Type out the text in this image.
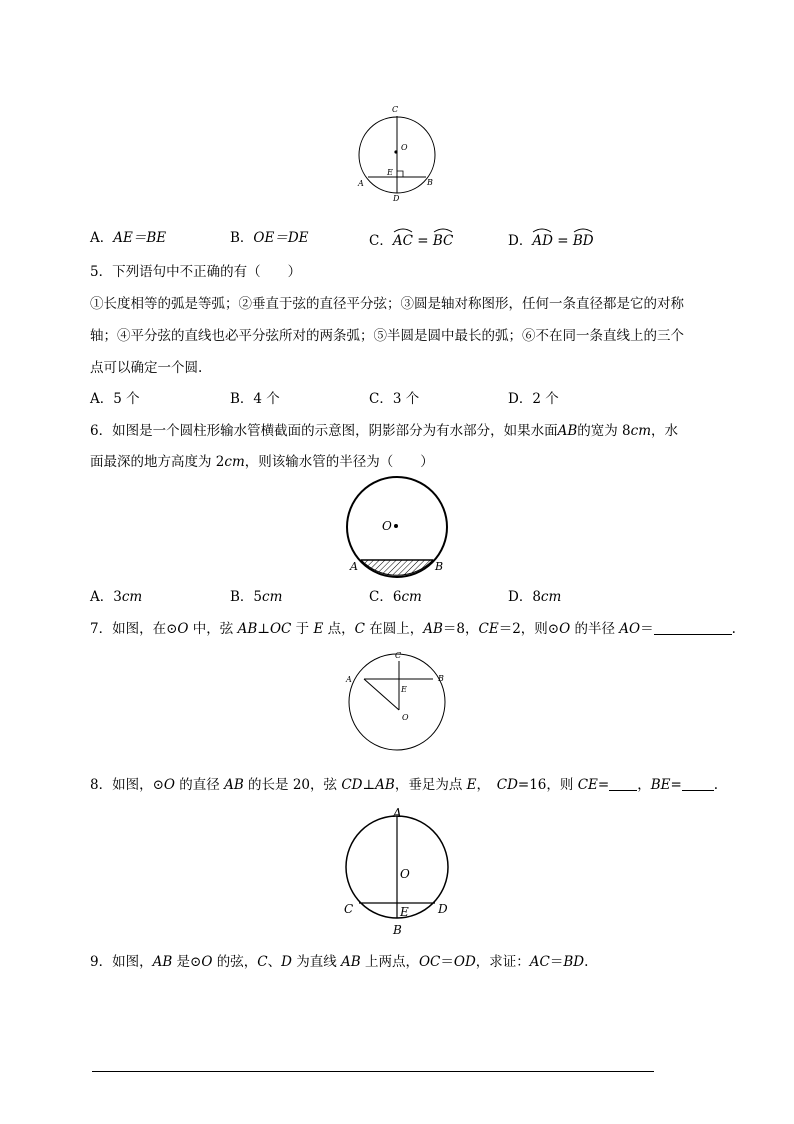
C
O
E
A	B
D
A．AE＝BE	B．OE＝DE	C．
AC =
BC	D．
AD =
BD
5．下列语句中不正确的有（　　）
①长度相等的弧是等弧；②垂直于弦的直径平分弦；③圆是轴对称图形，任何一条直径都是它的对称
轴；④平分弦的直线也必平分弦所对的两条弧；⑤半圆是圆中最长的弧；⑥不在同一条直线上的三个
点可以确定一个圆.
A．5 个	B．4 个	C．3 个	D．2 个
6．如图是一个圆柱形输水管横截面的示意图，阴影部分为有水部分，如果水面AB的宽为 8cm，水
面最深的地方高度为 2cm，则该输水管的半径为（　　）
O
A	B
A．3cm	B．5cm	C．6cm	D．8cm
7．如图，在⊙O 中，弦 AB⊥OC 于 E 点，C 在圆上，AB＝8，CE＝2，则⊙O 的半径 AO＝	.
C
A	B
E
O
8．如图，⊙O 的直径 AB 的长是 20，弦 CD⊥AB，垂足为点 E，　CD=16，则 CE= ，BE= .
A
O
C	E D
B
9．如图，AB 是⊙O 的弦，C、D 为直线 AB 上两点，OC＝OD，求证：AC＝BD.
